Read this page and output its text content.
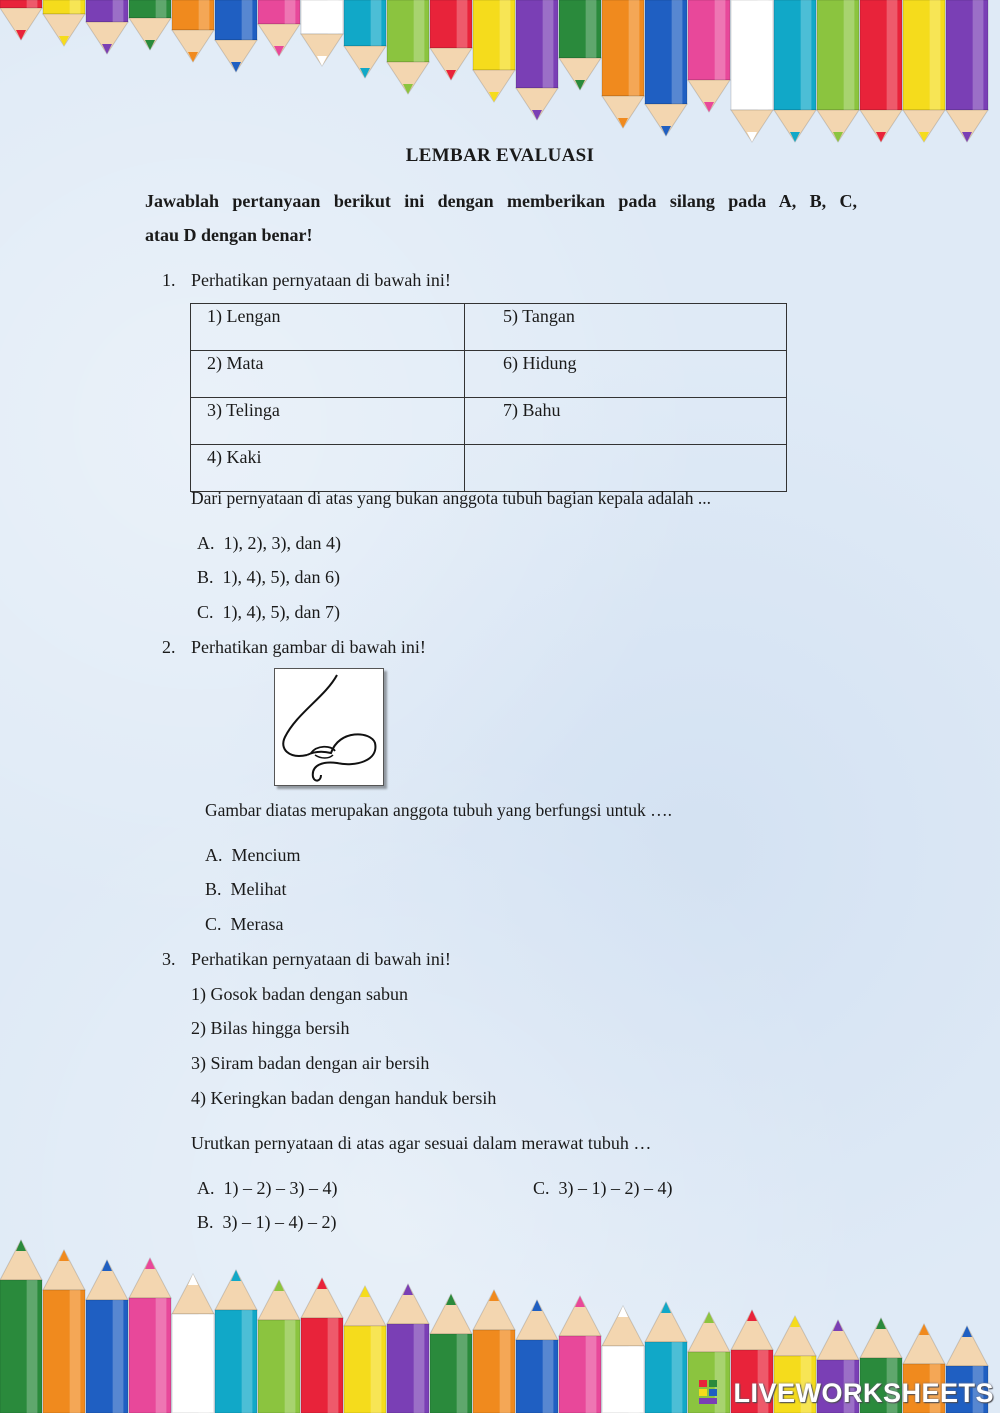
LEMBAR EVALUASI
Jawablah pertanyaan berikut ini dengan memberikan pada silang pada A, B, C,
atau D dengan benar!
1. Perhatikan pernyataan di bawah ini!
1) Lengan	5) Tangan
2) Mata	6) Hidung
3) Telinga	7) Bahu
4) Kaki	
Dari pernyataan di atas yang bukan anggota tubuh bagian kepala adalah ...
A. 1), 2), 3), dan 4)
B. 1), 4), 5), dan 6)
C. 1), 4), 5), dan 7)
2. Perhatikan gambar di bawah ini!
Gambar diatas merupakan anggota tubuh yang berfungsi untuk ….
A. Mencium
B. Melihat
C. Merasa
3. Perhatikan pernyataan di bawah ini!
1) Gosok badan dengan sabun
2) Bilas hingga bersih
3) Siram badan dengan air bersih
4) Keringkan badan dengan handuk bersih
Urutkan pernyataan di atas agar sesuai dalam merawat tubuh …
A. 1) – 2) – 3) – 4)	C. 3) – 1) – 2) – 4)
B. 3) – 1) – 4) – 2)
LIVEWORKSHEETS
